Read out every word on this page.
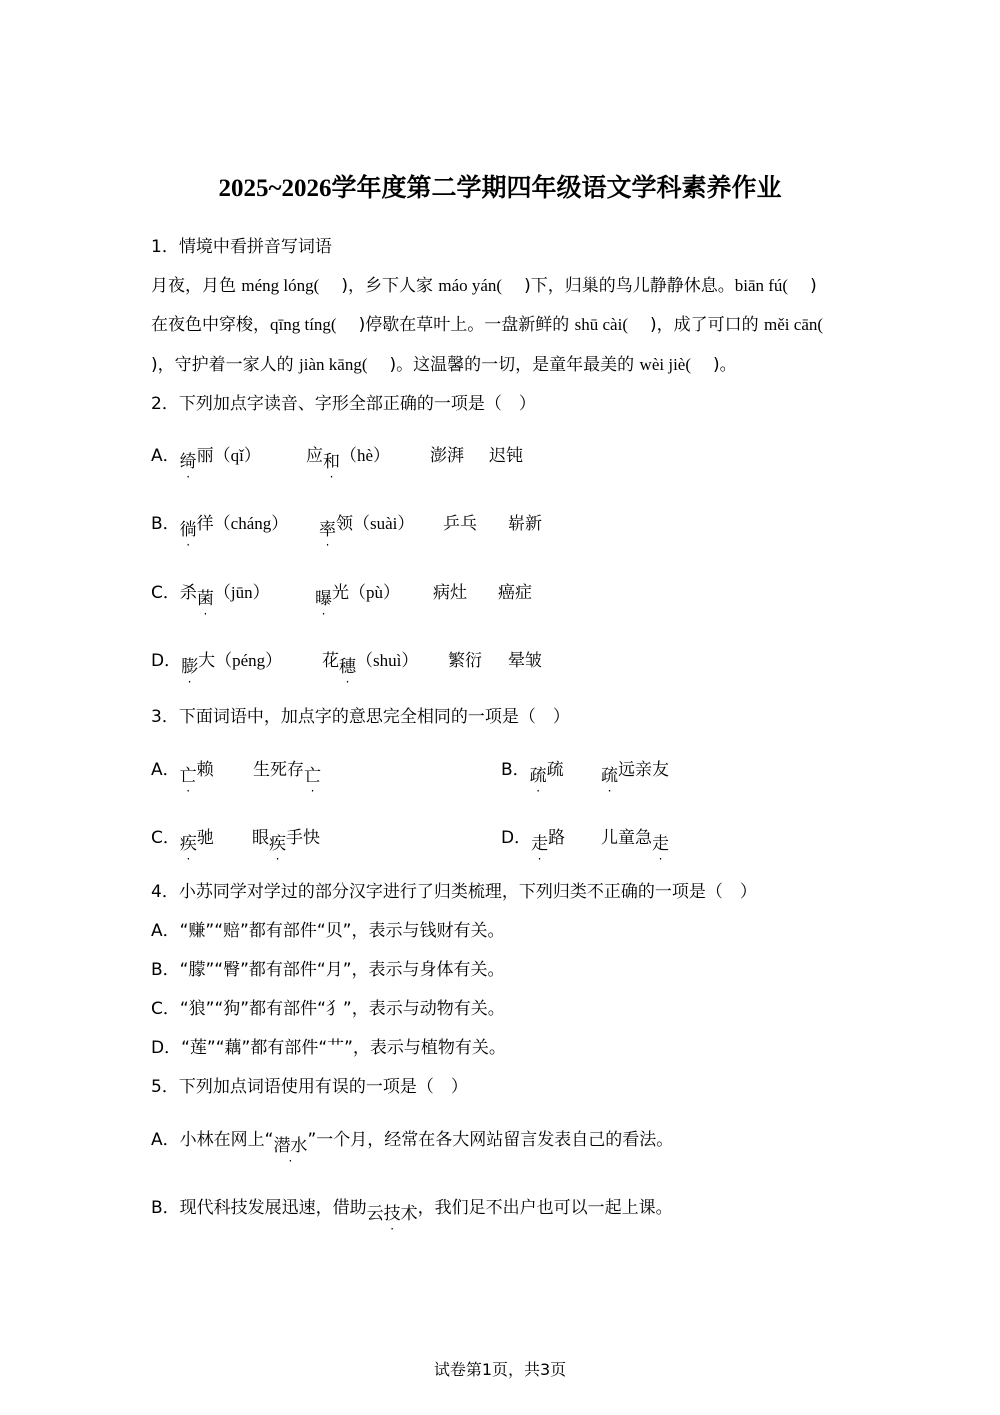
2025~2026学年度第二学期四年级语文学科素养作业
1．情境中看拼音写词语
月夜，月色 méng lóng( )，乡下人家 máo yán( )下，归巢的鸟儿静静休息。biān fú( )
在夜色中穿梭，qīng tíng( )停歇在草叶上。一盘新鲜的 shū cài( )，成了可口的 měi cān(
)，守护着一家人的 jiàn kāng( )。这温馨的一切，是童年最美的 wèi jiè( )。
2．下列加点字读音、字形全部正确的一项是（　）
A．绮丽（qǐ）	应和（hè） 澎湃 迟钝
B．徜徉（cháng） 率领（suài） 乒乓 崭新
C．杀菌（jūn）	曝光（pù） 病灶 癌症
D．膨大（péng） 花穗（shuì） 繁衍 晕皱
3．下面词语中，加点字的意思完全相同的一项是（　）
A．亡赖 生死存亡	B．疏疏 疏远亲友
C．疾驰 眼疾手快	D．走路 儿童急走
4．小苏同学对学过的部分汉字进行了归类梳理，下列归类不正确的一项是（　）
A．“赚”“赔”都有部件“贝”，表示与钱财有关。
B．“朦”“臀”都有部件“月”，表示与身体有关。
C．“狼”“狗”都有部件“犭”，表示与动物有关。
D．“莲”“藕”都有部件“艹”，表示与植物有关。
5．下列加点词语使用有误的一项是（　）
A．小林在网上“潜水”一个月，经常在各大网站留言发表自己的看法。
B．现代科技发展迅速，借助云技术，我们足不出户也可以一起上课。
试卷第1页，共3页
